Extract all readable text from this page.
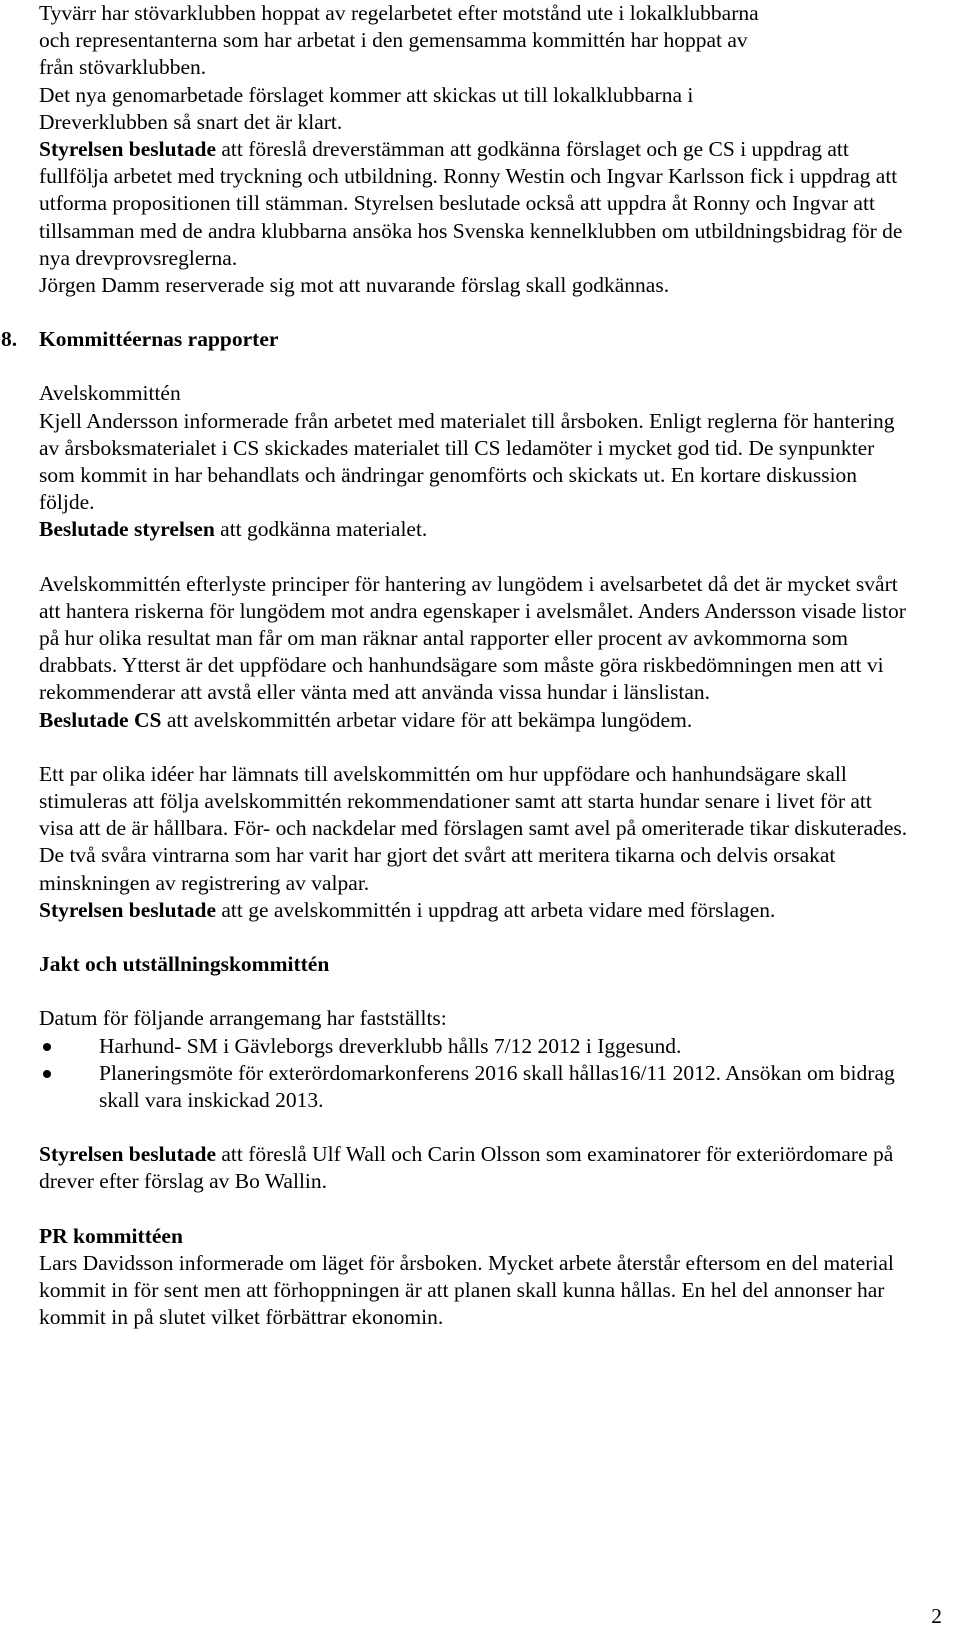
Tyvärr har stövarklubben hoppat av regelarbetet efter motstånd ute i lokalklubbarna
och representanterna som har arbetat i den gemensamma kommittén har hoppat av
från stövarklubben.
Det nya genomarbetade förslaget kommer att skickas ut till lokalklubbarna i
Dreverklubben så snart det är klart.
Styrelsen beslutade att föreslå dreverstämman att godkänna förslaget och ge CS i uppdrag att fullfölja arbetet med tryckning och utbildning. Ronny Westin och Ingvar Karlsson fick i uppdrag att utforma propositionen till stämman. Styrelsen beslutade också att uppdra åt Ronny och Ingvar att tillsamman med de andra klubbarna ansöka hos Svenska kennelklubben om utbildningsbidrag för de nya drevprovsreglerna.
Jörgen Damm reserverade sig mot att nuvarande förslag skall godkännas.

8. Kommittéernas rapporter

Avelskommittén

Kjell Andersson informerade från arbetet med materialet till årsboken. Enligt reglerna för hantering av årsboksmaterialet i CS skickades materialet till CS ledamöter i mycket god tid. De synpunkter som kommit in har behandlats och ändringar genomförts och skickats ut. En kortare diskussion följde.
Beslutade styrelsen att godkänna materialet.

Avelskommittén efterlyste principer för hantering av lungödem i avelsarbetet då det är mycket svårt att hantera riskerna för lungödem mot andra egenskaper i avelsmålet. Anders Andersson visade listor på hur olika resultat man får om man räknar antal rapporter eller procent av avkommorna som drabbats. Ytterst är det uppfödare och hanhundsägare som måste göra riskbedömningen men att vi rekommenderar att avstå eller vänta med att använda vissa hundar i länslistan.
Beslutade CS att avelskommittén arbetar vidare för att bekämpa lungödem.

Ett par olika idéer har lämnats till avelskommittén om hur uppfödare och hanhundsägare skall stimuleras att följa avelskommittén rekommendationer samt att starta hundar senare i livet för att visa att de är hållbara. För- och nackdelar med förslagen samt avel på omeriterade tikar diskuterades. De två svåra vintrarna som har varit har gjort det svårt att meritera tikarna och delvis orsakat minskningen av registrering av valpar.
Styrelsen beslutade att ge avelskommittén i uppdrag att arbeta vidare med förslagen.

Jakt och utställningskommittén

Datum för följande arrangemang har fastställts:

Harhund- SM i Gävleborgs dreverklubb hålls 7/12 2012 i Iggesund.
Planeringsmöte för exterördomarkonferens 2016 skall hållas16/11 2012. Ansökan om bidrag skall vara inskickad 2013.

Styrelsen beslutade att föreslå Ulf Wall och Carin Olsson som examinatorer för exteriördomare på drever efter förslag av Bo Wallin.

PR kommittéen

Lars Davidsson informerade om läget för årsboken. Mycket arbete återstår eftersom en del material kommit in för sent men att förhoppningen är att planen skall kunna hållas. En hel del annonser har kommit in på slutet vilket förbättrar ekonomin.

2
